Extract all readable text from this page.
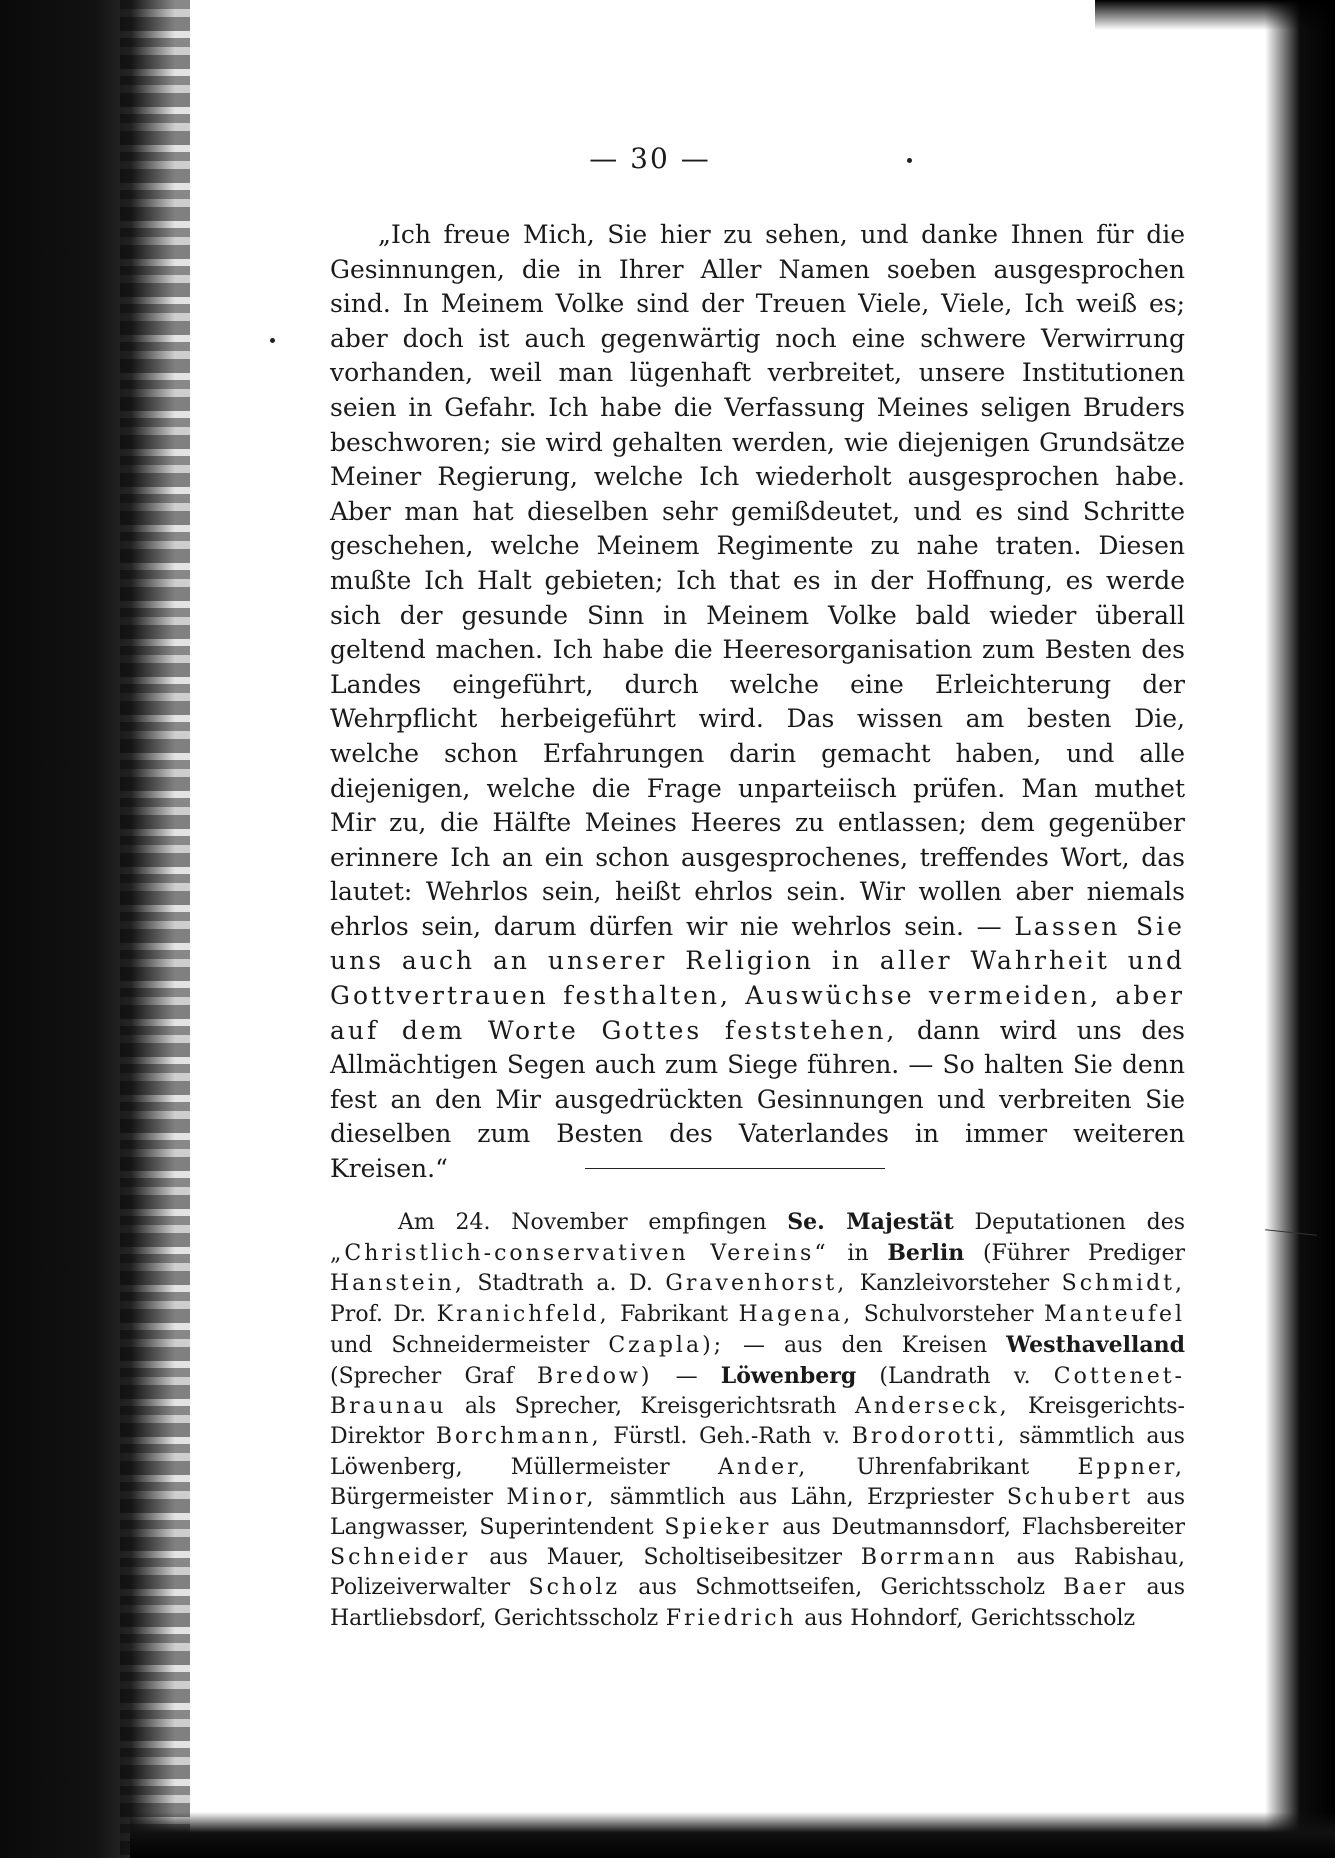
— 30 —
„Ich freue Mich, Sie hier zu sehen, und danke Ihnen für die Gesinnungen, die in Ihrer Aller Namen soeben ausgesprochen sind. In Meinem Volke sind der Treuen Viele, Viele, Ich weiß es; aber doch ist auch gegenwärtig noch eine schwere Verwirrung vorhanden, weil man lügenhaft verbreitet, unsere Institutionen seien in Gefahr. Ich habe die Verfassung Meines seligen Bruders beschworen; sie wird gehalten werden, wie diejenigen Grundsätze Meiner Regierung, welche Ich wiederholt ausgesprochen habe. Aber man hat dieselben sehr gemißdeutet, und es sind Schritte geschehen, welche Meinem Regimente zu nahe traten. Diesen mußte Ich Halt gebieten; Ich that es in der Hoffnung, es werde sich der gesunde Sinn in Meinem Volke bald wieder überall geltend machen. Ich habe die Heeresorganisation zum Besten des Landes eingeführt, durch welche eine Erleichterung der Wehrpflicht herbeigeführt wird. Das wissen am besten Die, welche schon Erfahrungen darin gemacht haben, und alle diejenigen, welche die Frage unparteiisch prüfen. Man muthet Mir zu, die Hälfte Meines Heeres zu entlassen; dem gegenüber erinnere Ich an ein schon ausgesprochenes, treffendes Wort, das lautet: Wehrlos sein, heißt ehrlos sein. Wir wollen aber niemals ehrlos sein, darum dürfen wir nie wehrlos sein. — Lassen Sie uns auch an unserer Religion in aller Wahrheit und Gottvertrauen festhalten, Auswüchse vermeiden, aber auf dem Worte Gottes feststehen, dann wird uns des Allmächtigen Segen auch zum Siege führen. — So halten Sie denn fest an den Mir ausgedrückten Gesinnungen und verbreiten Sie dieselben zum Besten des Vaterlandes in immer weiteren Kreisen.“
Am 24. November empfingen Se. Majestät Deputationen des „Christlich-conservativen Vereins“ in Berlin (Führer Prediger Hanstein, Stadtrath a. D. Gravenhorst, Kanzleivorsteher Schmidt, Prof. Dr. Kranichfeld, Fabrikant Hagena, Schulvorsteher Manteufel und Schneidermeister Czapla); — aus den Kreisen Westhavelland (Sprecher Graf Bredow) — Löwenberg (Landrath v. Cottenet-Braunau als Sprecher, Kreisgerichtsrath Anderseck, Kreisgerichts-Direktor Borchmann, Fürstl. Geh.-Rath v. Brodorotti, sämmtlich aus Löwenberg, Müllermeister Ander, Uhrenfabrikant Eppner, Bürgermeister Minor, sämmtlich aus Lähn, Erzpriester Schubert aus Langwasser, Superintendent Spieker aus Deutmannsdorf, Flachsbereiter Schneider aus Mauer, Scholtiseibesitzer Borrmann aus Rabishau, Polizeiverwalter Scholz aus Schmottseifen, Gerichtsscholz Baer aus Hartliebsdorf, Gerichtsscholz Friedrich aus Hohndorf, Gerichtsscholz
